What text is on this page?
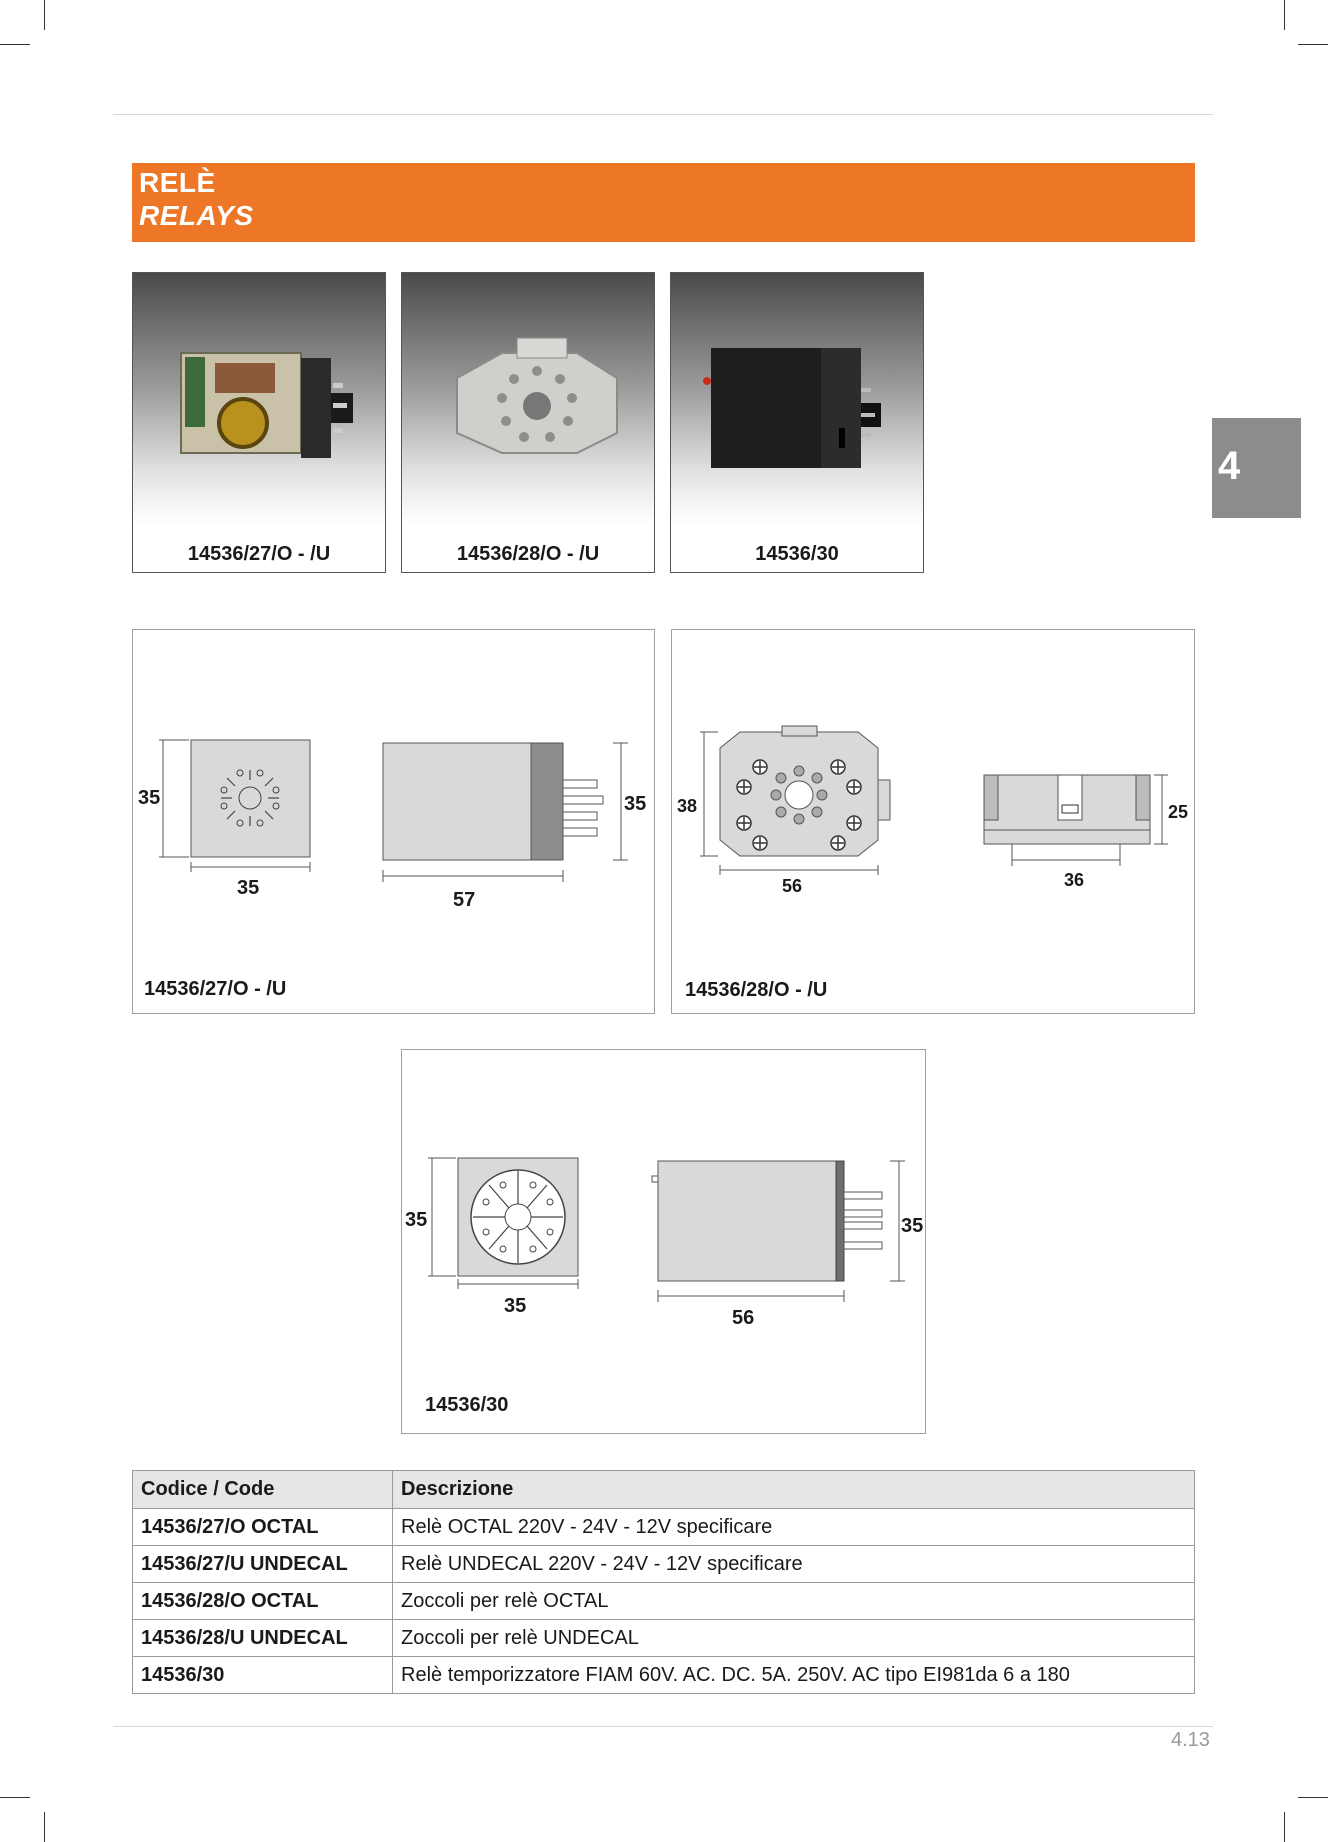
RELÈ
RELAYS
4
14536/27/O - /U	14536/28/O - /U	14536/30
35
35
57
35
14536/27/O - /U
38
56	36
25
14536/28/O - /U
35
35
56
35
14536/30
Codice / Code	Descrizione
14536/27/O OCTAL	Relè OCTAL 220V - 24V - 12V specificare
14536/27/U UNDECAL	Relè UNDECAL 220V - 24V - 12V specificare
14536/28/O OCTAL	Zoccoli per relè OCTAL
14536/28/U UNDECAL	Zoccoli per relè UNDECAL
14536/30	Relè temporizzatore FIAM 60V. AC. DC. 5A. 250V. AC tipo EI981da 6 a 180
4.13
